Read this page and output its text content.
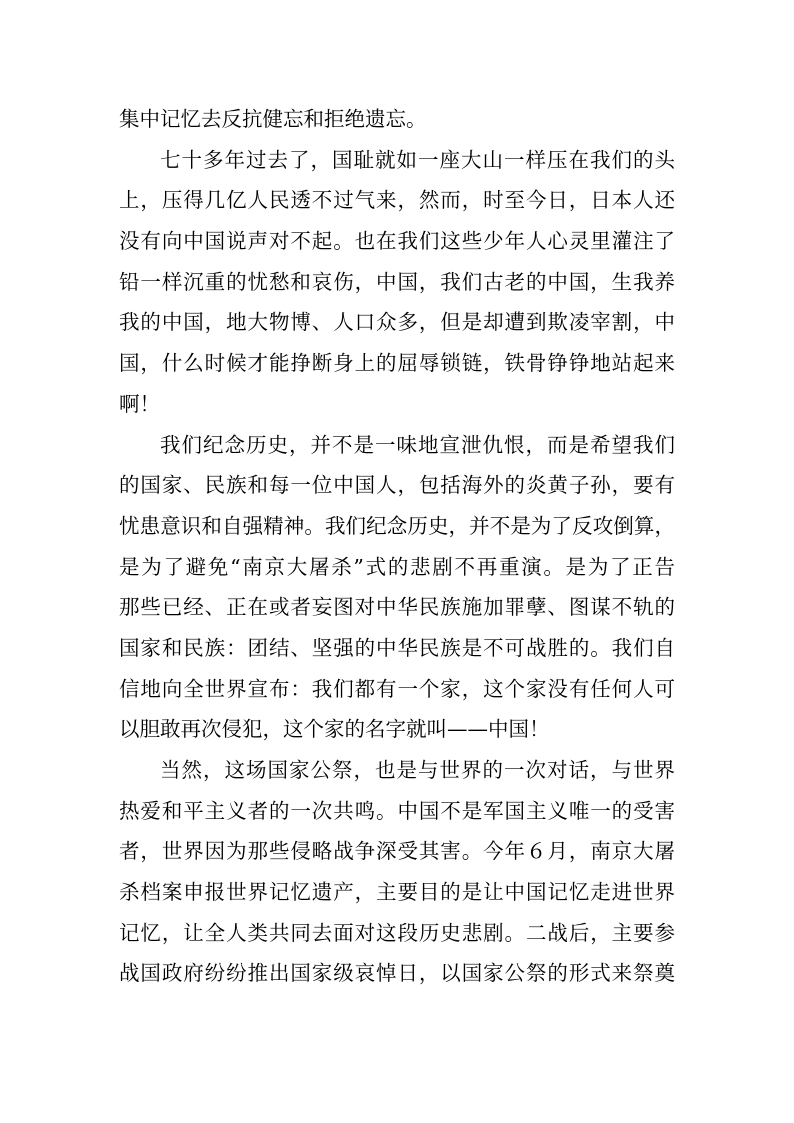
集中记忆去反抗健忘和拒绝遗忘。
七十多年过去了，国耻就如一座大山一样压在我们的头
上，压得几亿人民透不过气来，然而，时至今日，日本人还
没有向中国说声对不起。也在我们这些少年人心灵里灌注了
铅一样沉重的忧愁和哀伤，中国，我们古老的中国，生我养
我的中国，地大物博、人口众多，但是却遭到欺凌宰割，中
国，什么时候才能挣断身上的屈辱锁链，铁骨铮铮地站起来
啊！
我们纪念历史，并不是一味地宣泄仇恨，而是希望我们
的国家、民族和每一位中国人，包括海外的炎黄子孙，要有
忧患意识和自强精神。我们纪念历史，并不是为了反攻倒算，
是为了避免“南京大屠杀”式的悲剧不再重演。是为了正告
那些已经、正在或者妄图对中华民族施加罪孽、图谋不轨的
国家和民族：团结、坚强的中华民族是不可战胜的。我们自
信地向全世界宣布：我们都有一个家，这个家没有任何人可
以胆敢再次侵犯，这个家的名字就叫——中国！
当然，这场国家公祭，也是与世界的一次对话，与世界
热爱和平主义者的一次共鸣。中国不是军国主义唯一的受害
者，世界因为那些侵略战争深受其害。今年６月，南京大屠
杀档案申报世界记忆遗产，主要目的是让中国记忆走进世界
记忆，让全人类共同去面对这段历史悲剧。二战后，主要参
战国政府纷纷推出国家级哀悼日，以国家公祭的形式来祭奠
